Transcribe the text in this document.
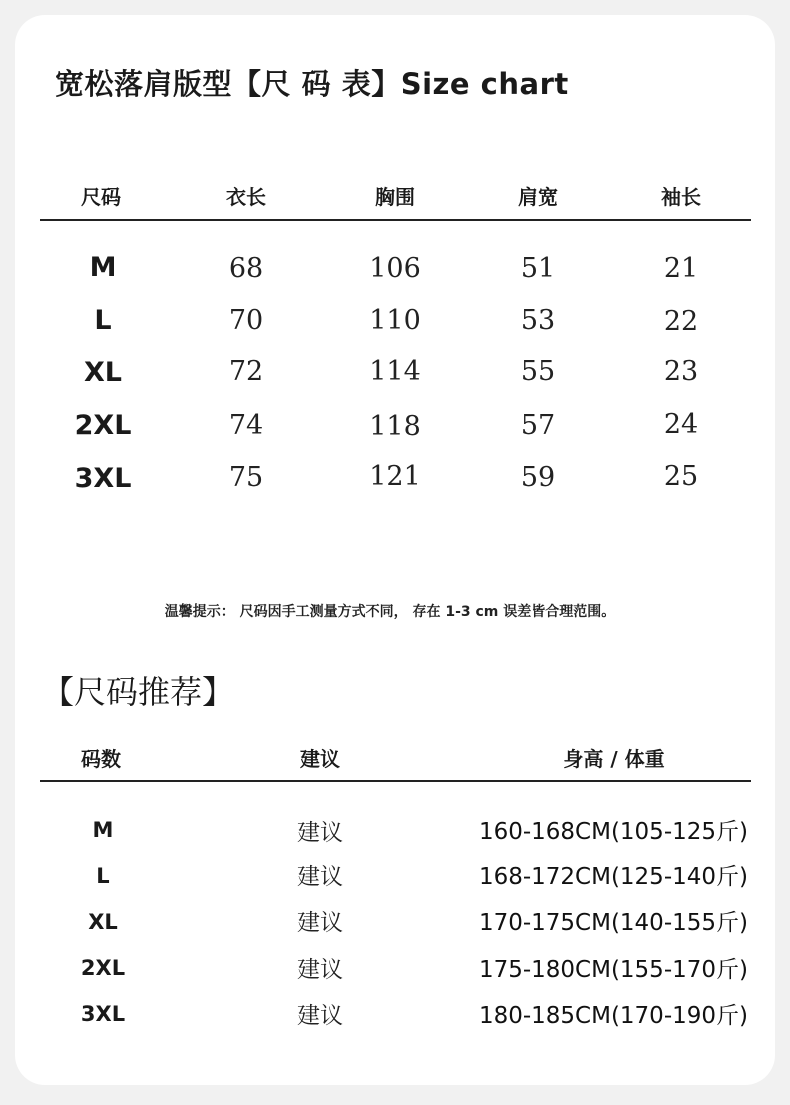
宽松落肩版型【尺 码 表】Size chart
尺码	衣长	胸围	肩宽	袖长
M	68	106	51	21
L	70	110	53	22
XL	72	114	55	23
2XL	74	118	57	24
3XL	75	121	59	25
温馨提示： 尺码因手工测量方式不同， 存在 1-3 cm 误差皆合理范围。
【尺码推荐】
码数	建议	身高 / 体重
M	建议	160-168CM(105-125斤)
L	建议	168-172CM(125-140斤)
XL	建议	170-175CM(140-155斤)
2XL	建议	175-180CM(155-170斤)
3XL	建议	180-185CM(170-190斤)
